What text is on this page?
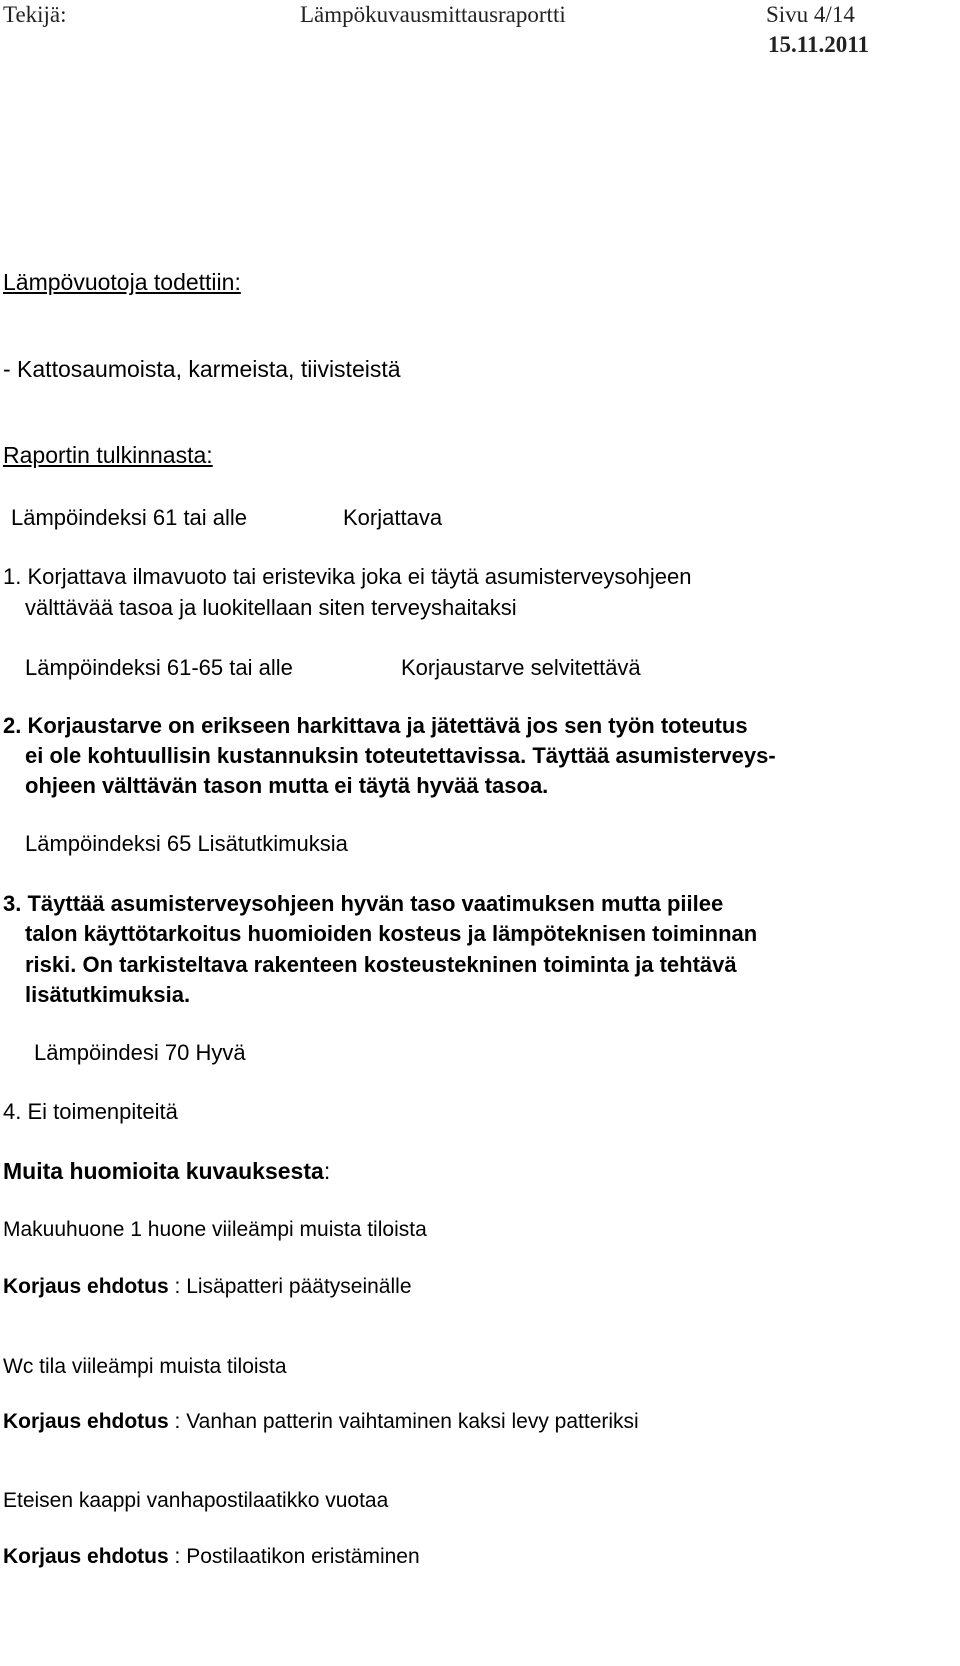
Tekijä:	Lämpökuvausmittausraportti	Sivu 4/14
15.11.2011
Lämpövuotoja todettiin:
- Kattosaumoista, karmeista, tiivisteistä
Raportin tulkinnasta:
Lämpöindeksi 61 tai alle	Korjattava
1. Korjattava ilmavuoto tai eristevika joka ei täytä asumisterveysohjeen
välttävää tasoa ja luokitellaan siten terveyshaitaksi
Lämpöindeksi 61-65 tai alle	Korjaustarve selvitettävä
2. Korjaustarve on erikseen harkittava ja jätettävä jos sen työn toteutus
ei ole kohtuullisin kustannuksin toteutettavissa. Täyttää asumisterveys-
ohjeen välttävän tason mutta ei täytä hyvää tasoa.
Lämpöindeksi 65 Lisätutkimuksia
3. Täyttää asumisterveysohjeen hyvän taso vaatimuksen mutta piilee
talon käyttötarkoitus huomioiden kosteus ja lämpöteknisen toiminnan
riski. On tarkisteltava rakenteen kosteustekninen toiminta ja tehtävä
lisätutkimuksia.
Lämpöindesi 70 Hyvä
4. Ei toimenpiteitä
Muita huomioita kuvauksesta:
Makuuhuone 1 huone viileämpi muista tiloista
Korjaus ehdotus : Lisäpatteri päätyseinälle
Wc tila viileämpi muista tiloista
Korjaus ehdotus : Vanhan patterin vaihtaminen kaksi levy patteriksi
Eteisen kaappi vanhapostilaatikko vuotaa
Korjaus ehdotus : Postilaatikon eristäminen
